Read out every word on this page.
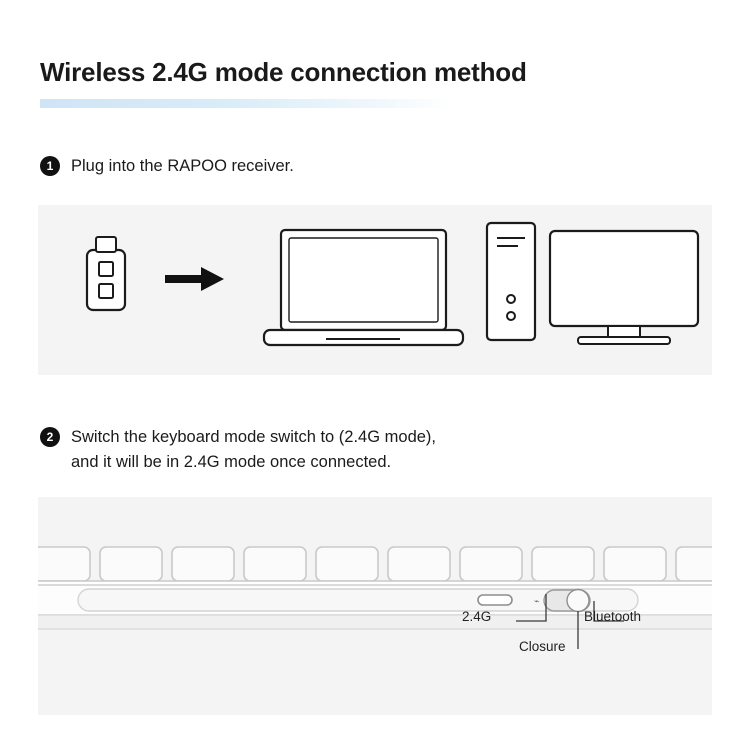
Wireless 2.4G mode connection method
1	Plug into the RAPOO receiver.
2	Switch the keyboard mode switch to (2.4G mode),
and it will be in 2.4G mode once connected.
⌁
2.4G
Closure
Bluetooth
